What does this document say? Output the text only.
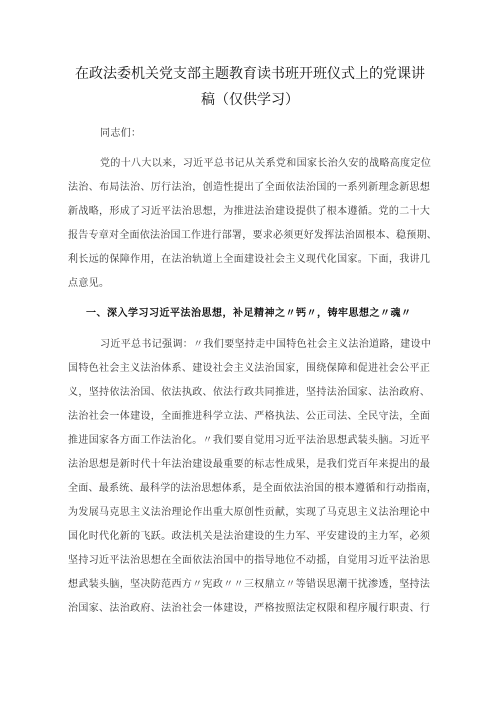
在政法委机关党支部主题教育读书班开班仪式上的党课讲
稿（仅供学习）
同志们：
党的十八大以来，习近平总书记从关系党和国家长治久安的战略高度定位
法治、布局法治、厉行法治，创造性提出了全面依法治国的一系列新理念新思想
新战略，形成了习近平法治思想，为推进法治建设提供了根本遵循。党的二十大
报告专章对全面依法治国工作进行部署，要求必须更好发挥法治固根本、稳预期、
利长远的保障作用，在法治轨道上全面建设社会主义现代化国家。下面，我讲几
点意见。
一、深入学习习近平法治思想，补足精神之〃钙〃，铸牢思想之〃魂〃
习近平总书记强调：〃我们要坚持走中国特色社会主义法治道路，建设中
国特色社会主义法治体系、建设社会主义法治国家，围绕保障和促进社会公平正
义，坚持依法治国、依法执政、依法行政共同推进，坚持法治国家、法治政府、
法治社会一体建设，全面推进科学立法、严格执法、公正司法、全民守法，全面
推进国家各方面工作法治化。〃我们要自觉用习近平法治思想武装头脑。习近平
法治思想是新时代十年法治建设最重要的标志性成果，是我们党百年来提出的最
全面、最系统、最科学的法治思想体系，是全面依法治国的根本遵循和行动指南，
为发展马克思主义法治理论作出重大原创性贡献，实现了马克思主义法治理论中
国化时代化新的飞跃。政法机关是法治建设的生力军、平安建设的主力军，必须
坚持习近平法治思想在全面依法治国中的指导地位不动摇，自觉用习近平法治思
想武装头脑，坚决防范西方〃宪政〃〃三权鼎立〃等错误思潮干扰渗透，坚持法
治国家、法治政府、法治社会一体建设，严格按照法定权限和程序履行职责、行
